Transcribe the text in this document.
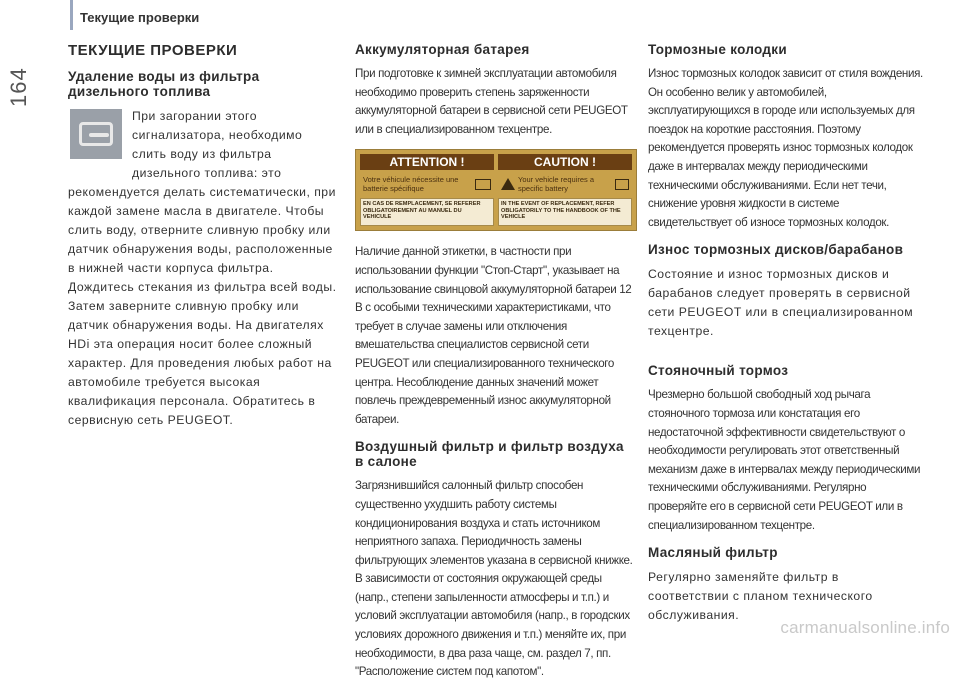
164
Текущие проверки
ТЕКУЩИЕ ПРОВЕРКИ
Удаление воды из фильтра дизельного топлива
При загорании этого сигнализатора, необходимо слить воду из фильтра дизельного топлива: это
рекомендуется делать систематически, при каждой замене масла в двигателе. Чтобы слить воду, отверните сливную пробку или датчик обнаружения воды, расположенные в нижней части корпуса фильтра. Дождитесь стекания из фильтра всей воды. Затем заверните сливную пробку или датчик обнаружения воды. На двигателях HDi эта операция носит более сложный характер. Для проведения любых работ на автомобиле требуется высокая квалификация персонала. Обратитесь в сервисную сеть PEUGEOT.
Аккумуляторная батарея
При подготовке к зимней эксплуатации автомобиля необходимо проверить степень заряженности аккумуляторной батареи в сервисной сети PEUGEOT или в специализированном техцентре.
ATTENTION !
Votre véhicule nécessite une batterie spécifique
EN CAS DE REMPLACEMENT, SE REFERER OBLIGATOIREMENT AU MANUEL DU VEHICULE
CAUTION !
Your vehicle requires a specific battery
IN THE EVENT OF REPLACEMENT, REFER OBLIGATORILY TO THE HANDBOOK OF THE VEHICLE
Наличие данной этикетки, в частности при использовании функции "Стоп-Старт", указывает на использование свинцовой аккумуляторной батареи 12 В с особыми техническими характеристиками, что требует в случае замены или отключения вмешательства специалистов сервисной сети PEUGEOT или специализированного технического центра. Несоблюдение данных значений может повлечь преждевременный износ аккумуляторной батареи.
Воздушный фильтр и фильтр воздуха в салоне
Загрязнившийся салонный фильтр способен существенно ухудшить работу системы кондиционирования воздуха и стать источником неприятного запаха. Периодичность замены фильтрующих элементов указана в сервисной книжке. В зависимости от состояния окружающей среды (напр., степени запыленности атмосферы и т.п.) и условий эксплуатации автомобиля (напр., в городских условиях дорожного движения и т.п.) меняйте их, при необходимости, в два раза чаще, см. раздел 7, пп. "Расположение систем под капотом".
Тормозные колодки
Износ тормозных колодок зависит от стиля вождения. Он особенно велик у автомобилей, эксплуатирующихся в городе или используемых для поездок на короткие расстояния. Поэтому рекомендуется проверять износ тормозных колодок даже в интервалах между периодическими техническими обслуживаниями. Если нет течи, снижение уровня жидкости в системе свидетельствует об износе тормозных колодок.
Износ тормозных дисков/барабанов
Состояние и износ тормозных дисков и барабанов следует проверять в сервисной сети PEUGEOT или в специализированном техцентре.
Стояночный тормоз
Чрезмерно большой свободный ход рычага стояночного тормоза или констатация его недостаточной эффективности свидетельствуют о необходимости регулировать этот ответственный механизм даже в интервалах между периодическими техническими обслуживаниями. Регулярно проверяйте его в сервисной сети PEUGEOT или в специализированном техцентре.
Масляный фильтр
Регулярно заменяйте фильтр в соответствии с планом технического обслуживания.
carmanualsonline.info
